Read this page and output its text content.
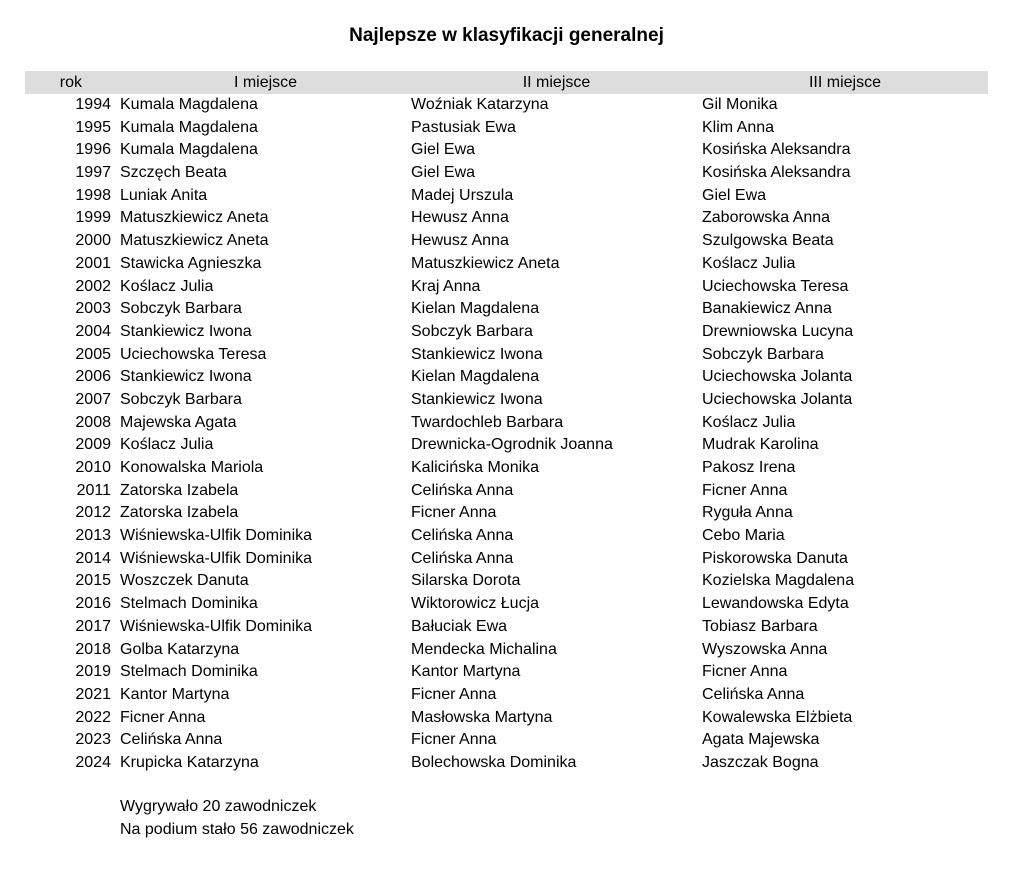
Najlepsze w klasyfikacji generalnej
rok	I miejsce	II miejsce	III miejsce
1994 Kumala Magdalena	Woźniak Katarzyna	Gil Monika
1995 Kumala Magdalena	Pastusiak Ewa	Klim Anna
1996 Kumala Magdalena	Giel Ewa	Kosińska Aleksandra
1997 Szczęch Beata	Giel Ewa	Kosińska Aleksandra
1998 Luniak Anita	Madej Urszula	Giel Ewa
1999 Matuszkiewicz Aneta	Hewusz Anna	Zaborowska Anna
2000 Matuszkiewicz Aneta	Hewusz Anna	Szulgowska Beata
2001 Stawicka Agnieszka	Matuszkiewicz Aneta	Koślacz Julia
2002 Koślacz Julia	Kraj Anna	Uciechowska Teresa
2003 Sobczyk Barbara	Kielan Magdalena	Banakiewicz Anna
2004 Stankiewicz Iwona	Sobczyk Barbara	Drewniowska Lucyna
2005 Uciechowska Teresa	Stankiewicz Iwona	Sobczyk Barbara
2006 Stankiewicz Iwona	Kielan Magdalena	Uciechowska Jolanta
2007 Sobczyk Barbara	Stankiewicz Iwona	Uciechowska Jolanta
2008 Majewska Agata	Twardochleb Barbara	Koślacz Julia
2009 Koślacz Julia	Drewnicka-Ogrodnik Joanna	Mudrak Karolina
2010 Konowalska Mariola	Kalicińska Monika	Pakosz Irena
2011 Zatorska Izabela	Celińska Anna	Ficner Anna
2012 Zatorska Izabela	Ficner Anna	Ryguła Anna
2013 Wiśniewska-Ulfik Dominika	Celińska Anna	Cebo Maria
2014 Wiśniewska-Ulfik Dominika	Celińska Anna	Piskorowska Danuta
2015 Woszczek Danuta	Silarska Dorota	Kozielska Magdalena
2016 Stelmach Dominika	Wiktorowicz Łucja	Lewandowska Edyta
2017 Wiśniewska-Ulfik Dominika	Bałuciak Ewa	Tobiasz Barbara
2018 Golba Katarzyna	Mendecka Michalina	Wyszowska Anna
2019 Stelmach Dominika	Kantor Martyna	Ficner Anna
2021 Kantor Martyna	Ficner Anna	Celińska Anna
2022 Ficner Anna	Masłowska Martyna	Kowalewska Elżbieta
2023 Celińska Anna	Ficner Anna	Agata Majewska
2024 Krupicka Katarzyna	Bolechowska Dominika	Jaszczak Bogna
Wygrywało 20 zawodniczek
Na podium stało 56 zawodniczek
